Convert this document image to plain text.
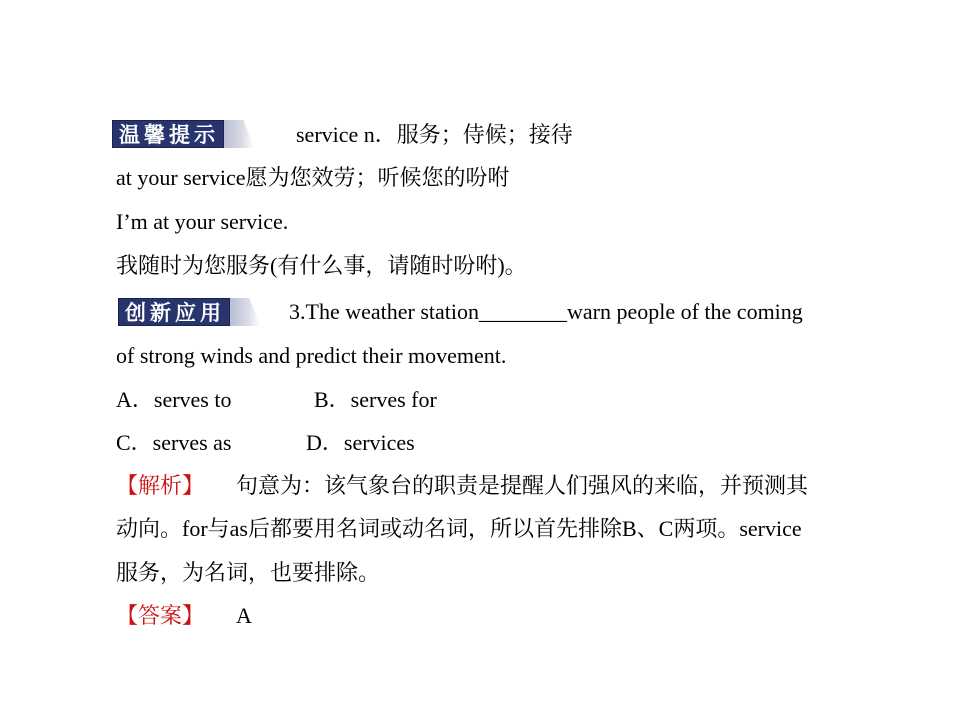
温馨提示	service n．服务；侍候；接待
at your service愿为您效劳；听候您的吩咐
I’m at your service.
我随时为您服务(有什么事，请随时吩咐)。
创新应用	3.The weather station________warn people of the coming
of strong winds and predict their movement.
A．serves to	B．serves for
C．serves as	D．services
【解析】 句意为：该气象台的职责是提醒人们强风的来临，并预测其
动向。for与as后都要用名词或动名词，所以首先排除B、C两项。service
服务，为名词，也要排除。
【答案】 A
